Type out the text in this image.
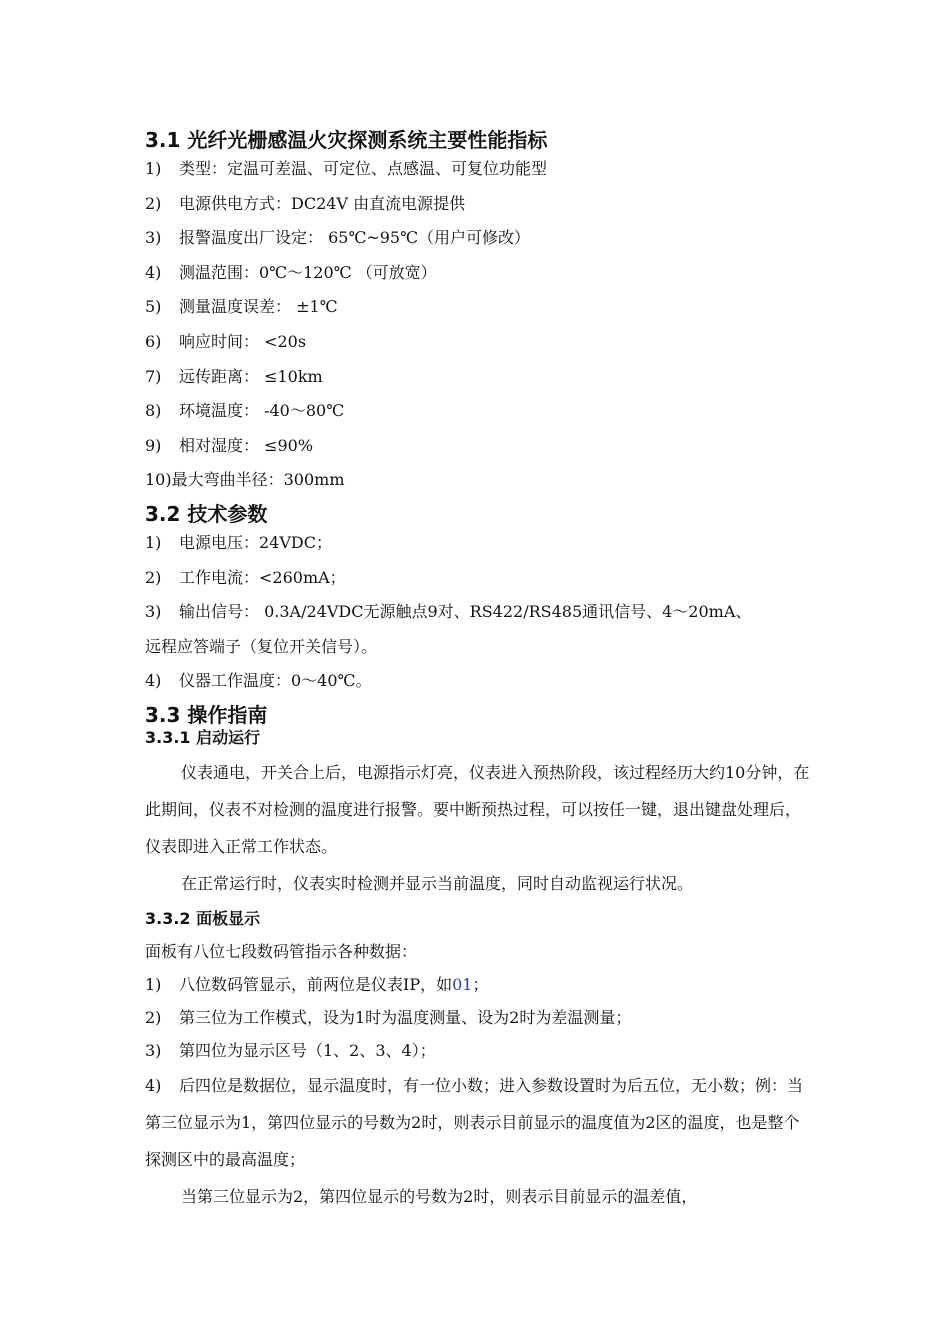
3.1 光纤光栅感温火灾探测系统主要性能指标
1) 类型：定温可差温、可定位、点感温、可复位功能型
2) 电源供电方式：DC24V 由直流电源提供
3) 报警温度出厂设定： 65℃~95℃（用户可修改）
4) 测温范围：0℃～120℃ （可放宽）
5) 测量温度误差： ±1℃
6) 响应时间： <20s
7) 远传距离： ≤10km
8) 环境温度： -40～80℃
9) 相对湿度： ≤90%
10)最大弯曲半径：300mm
3.2 技术参数
1) 电源电压：24VDC；
2) 工作电流：<260mA；
3) 输出信号： 0.3A/24VDC无源触点9对、RS422/RS485通讯信号、4～20mA、
远程应答端子（复位开关信号）。
4) 仪器工作温度：0～40℃。
3.3 操作指南
3.3.1 启动运行

仪表通电，开关合上后，电源指示灯亮，仪表进入预热阶段，该过程经历大约10分钟，在此期间，仪表不对检测的温度进行报警。要中断预热过程，可以按任一键，退出键盘处理后，仪表即进入正常工作状态。

在正常运行时，仪表实时检测并显示当前温度，同时自动监视运行状况。

3.3.2 面板显示
面板有八位七段数码管指示各种数据：
1) 八位数码管显示，前两位是仪表IP，如01；
2) 第三位为工作模式，设为1时为温度测量、设为2时为差温测量；
3) 第四位为显示区号（1、2、3、4）；

4) 后四位是数据位，显示温度时，有一位小数；进入参数设置时为后五位，无小数；例：当第三位显示为1，第四位显示的号数为2时，则表示目前显示的温度值为2区的温度，也是整个探测区中的最高温度；

当第三位显示为2，第四位显示的号数为2时，则表示目前显示的温差值，
